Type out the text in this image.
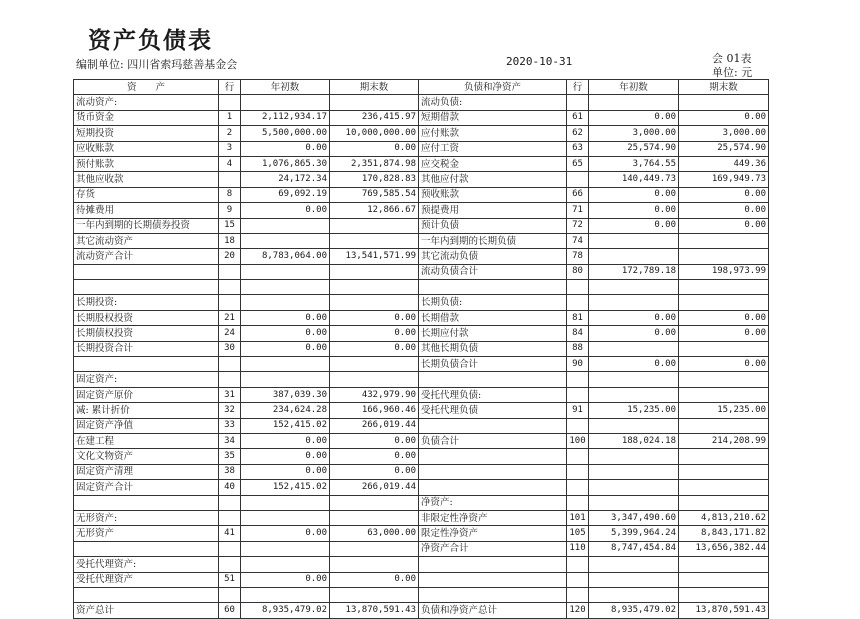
资产负债表
编制单位: 四川省索玛慈善基金会	2020-10-31	会 01表
单位: 元
资　　产	行	年初数	期末数	负债和净资产	行	年初数	期末数
流动资产:				流动负债:			
货币资金	1	2,112,934.17	236,415.97	短期借款	61	0.00	0.00
短期投资	2	5,500,000.00	10,000,000.00	应付账款	62	3,000.00	3,000.00
应收账款	3	0.00	0.00	应付工资	63	25,574.90	25,574.90
预付账款	4	1,076,865.30	2,351,874.98	应交税金	65	3,764.55	449.36
其他应收款		24,172.34	170,828.83	其他应付款		140,449.73	169,949.73
存货	8	69,092.19	769,585.54	预收账款	66	0.00	0.00
待摊费用	9	0.00	12,866.67	预提费用	71	0.00	0.00
一年内到期的长期债券投资	15			预计负债	72	0.00	0.00
其它流动资产	18			一年内到期的长期负债	74		
流动资产合计	20	8,783,064.00	13,541,571.99	其它流动负债	78		
				流动负债合计	80	172,789.18	198,973.99

长期投资:				长期负债:			
长期股权投资	21	0.00	0.00	长期借款	81	0.00	0.00
长期债权投资	24	0.00	0.00	长期应付款	84	0.00	0.00
长期投资合计	30	0.00	0.00	其他长期负债	88		
				长期负债合计	90	0.00	0.00
固定资产:							
固定资产原价	31	387,039.30	432,979.90	受托代理负债:			
减: 累计折价	32	234,624.28	166,960.46	受托代理负债	91	15,235.00	15,235.00
固定资产净值	33	152,415.02	266,019.44				
在建工程	34	0.00	0.00	负债合计	100	188,024.18	214,208.99
文化文物资产	35	0.00	0.00				
固定资产清理	38	0.00	0.00				
固定资产合计	40	152,415.02	266,019.44				
				净资产:			
无形资产:				非限定性净资产	101	3,347,490.60	4,813,210.62
无形资产	41	0.00	63,000.00	限定性净资产	105	5,399,964.24	8,843,171.82
				净资产合计	110	8,747,454.84	13,656,382.44
受托代理资产:							
受托代理资产	51	0.00	0.00				

资产总计	60	8,935,479.02	13,870,591.43	负债和净资产总计	120	8,935,479.02	13,870,591.43
